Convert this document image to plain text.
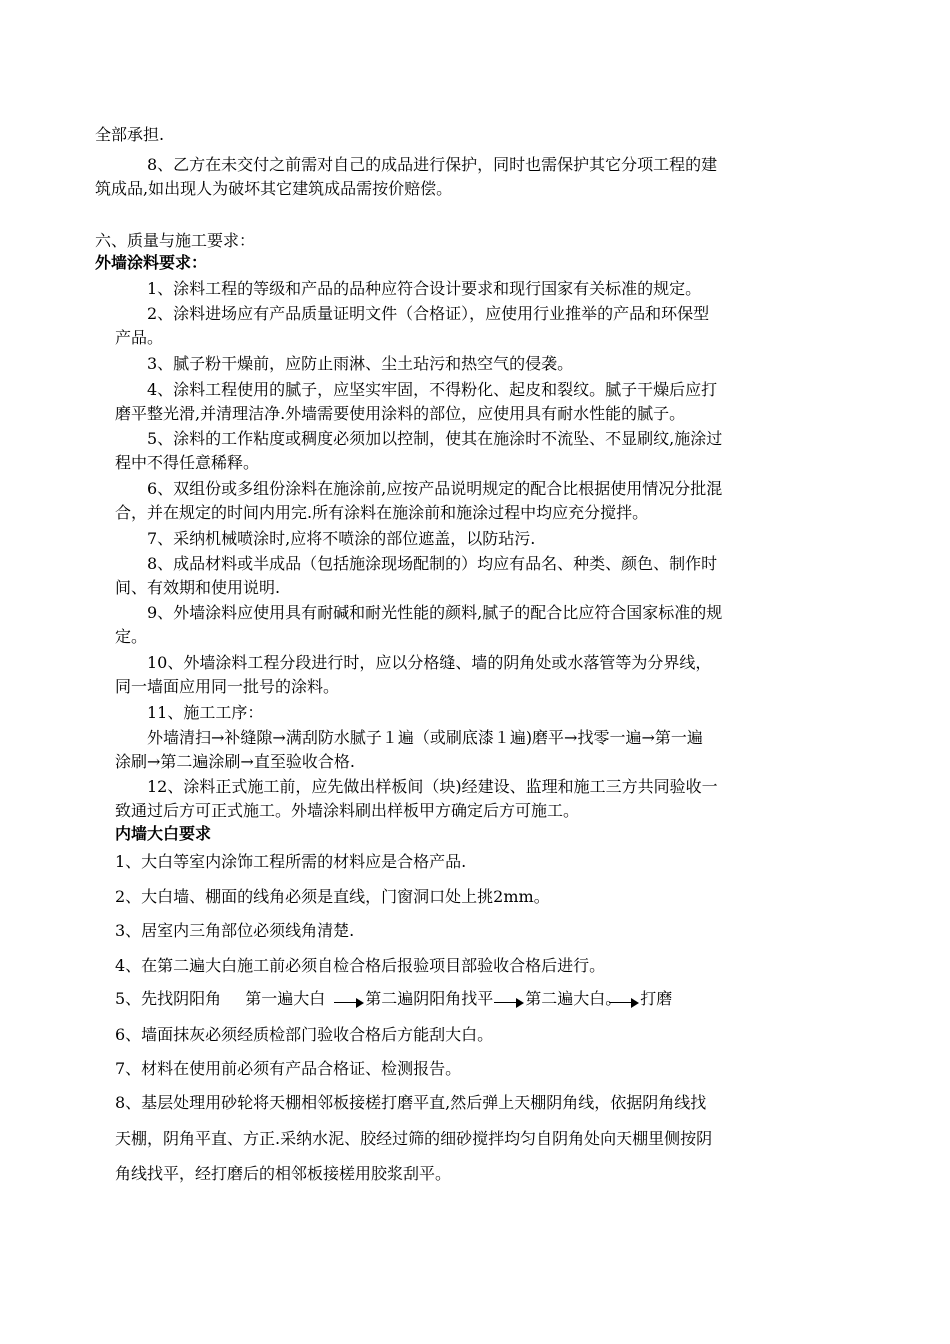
全部承担.
8、乙方在未交付之前需对自己的成品进行保护，同时也需保护其它分项工程的建
筑成品,如出现人为破坏其它建筑成品需按价赔偿。
六、质量与施工要求：
外墙涂料要求：
1、涂料工程的等级和产品的品种应符合设计要求和现行国家有关标准的规定。
2、涂料进场应有产品质量证明文件（合格证），应使用行业推举的产品和环保型
产品。
3、腻子粉干燥前，应防止雨淋、尘土玷污和热空气的侵袭。
4、涂料工程使用的腻子，应坚实牢固，不得粉化、起皮和裂纹。腻子干燥后应打
磨平整光滑,并清理洁净.外墙需要使用涂料的部位，应使用具有耐水性能的腻子。
5、涂料的工作粘度或稠度必须加以控制，使其在施涂时不流坠、不显刷纹,施涂过
程中不得任意稀释。
6、双组份或多组份涂料在施涂前,应按产品说明规定的配合比根据使用情况分批混
合，并在规定的时间内用完.所有涂料在施涂前和施涂过程中均应充分搅拌。
7、采纳机械喷涂时,应将不喷涂的部位遮盖，以防玷污.
8、成品材料或半成品（包括施涂现场配制的）均应有品名、种类、颜色、制作时
间、有效期和使用说明.
9、外墙涂料应使用具有耐碱和耐光性能的颜料,腻子的配合比应符合国家标准的规
定。
10、外墙涂料工程分段进行时，应以分格缝、墙的阴角处或水落管等为分界线，
同一墙面应用同一批号的涂料。
11、施工工序：
外墙清扫→补缝隙→满刮防水腻子１遍（或刷底漆１遍)磨平→找零一遍→第一遍
涂刷→第二遍涂刷→直至验收合格.
12、涂料正式施工前，应先做出样板间（块)经建设、监理和施工三方共同验收一
致通过后方可正式施工。外墙涂料刷出样板甲方确定后方可施工。
内墙大白要求
1、大白等室内涂饰工程所需的材料应是合格产品.
2、大白墙、棚面的线角必须是直线，门窗洞口处上挑2mm。
3、居室内三角部位必须线角清楚.
4、在第二遍大白施工前必须自检合格后报验项目部验收合格后进行。
5、先找阴阳角 第一遍大白	第二遍阴阳角找平 第二遍大白。 打磨
6、墙面抹灰必须经质检部门验收合格后方能刮大白。
7、材料在使用前必须有产品合格证、检测报告。
8、基层处理用砂轮将天棚相邻板接槎打磨平直,然后弹上天棚阴角线，依据阴角线找
天棚，阴角平直、方正.采纳水泥、胶经过筛的细砂搅拌均匀自阴角处向天棚里侧按阴
角线找平，经打磨后的相邻板接槎用胶浆刮平。
